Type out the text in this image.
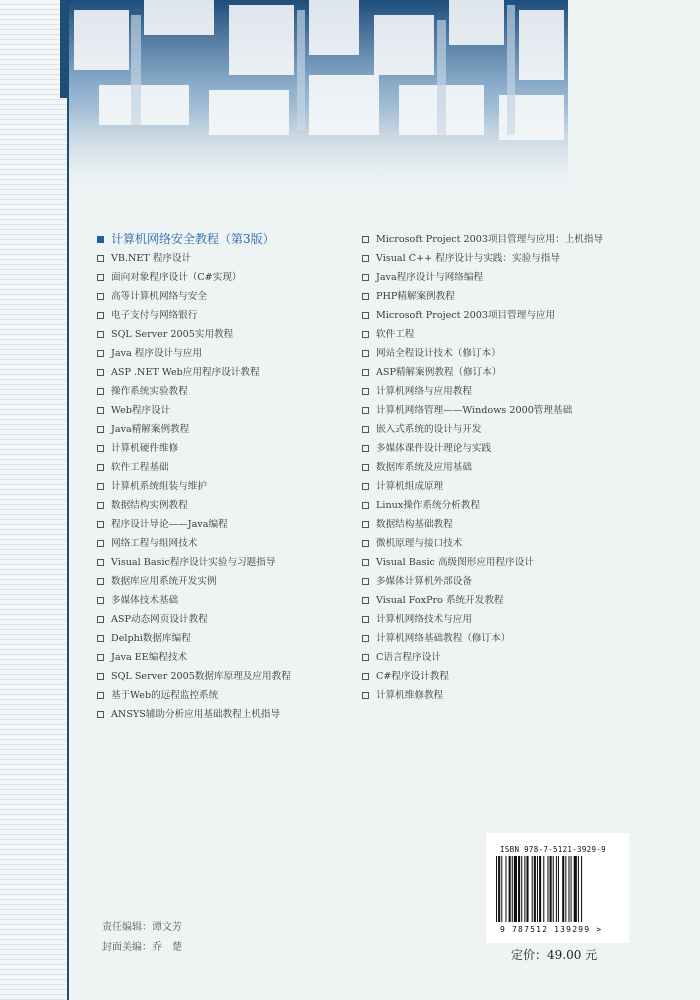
计算机网络安全教程（第3版）
VB.NET 程序设计
面向对象程序设计（C#实现）
高等计算机网络与安全
电子支付与网络银行
SQL Server 2005实用教程
Java 程序设计与应用
ASP .NET Web应用程序设计教程
操作系统实验教程
Web程序设计
Java精解案例教程
计算机硬件维修
软件工程基础
计算机系统组装与维护
数据结构实例教程
程序设计导论——Java编程
网络工程与组网技术
Visual Basic程序设计实验与习题指导
数据库应用系统开发实例
多媒体技术基础
ASP动态网页设计教程
Delphi数据库编程
Java EE编程技术
SQL Server 2005数据库原理及应用教程
基于Web的远程监控系统
ANSYS辅助分析应用基础教程上机指导
Microsoft Project 2003项目管理与应用：上机指导
Visual C++ 程序设计与实践：实验与指导
Java程序设计与网络编程
PHP精解案例教程
Microsoft Project 2003项目管理与应用
软件工程
网站全程设计技术（修订本）
ASP精解案例教程（修订本）
计算机网络与应用教程
计算机网络管理——Windows 2000管理基础
嵌入式系统的设计与开发
多媒体课件设计理论与实践
数据库系统及应用基础
计算机组成原理
Linux操作系统分析教程
数据结构基础教程
微机原理与接口技术
Visual Basic 高级图形应用程序设计
多媒体计算机外部设备
Visual FoxPro 系统开发教程
计算机网络技术与应用
计算机网络基础教程（修订本）
C语言程序设计
C#程序设计教程
计算机维修教程
责任编辑：谭文芳
封面美编：乔　楚
ISBN 978-7-5121-3929-9
9 787512 139299 >
定价：49.00 元
